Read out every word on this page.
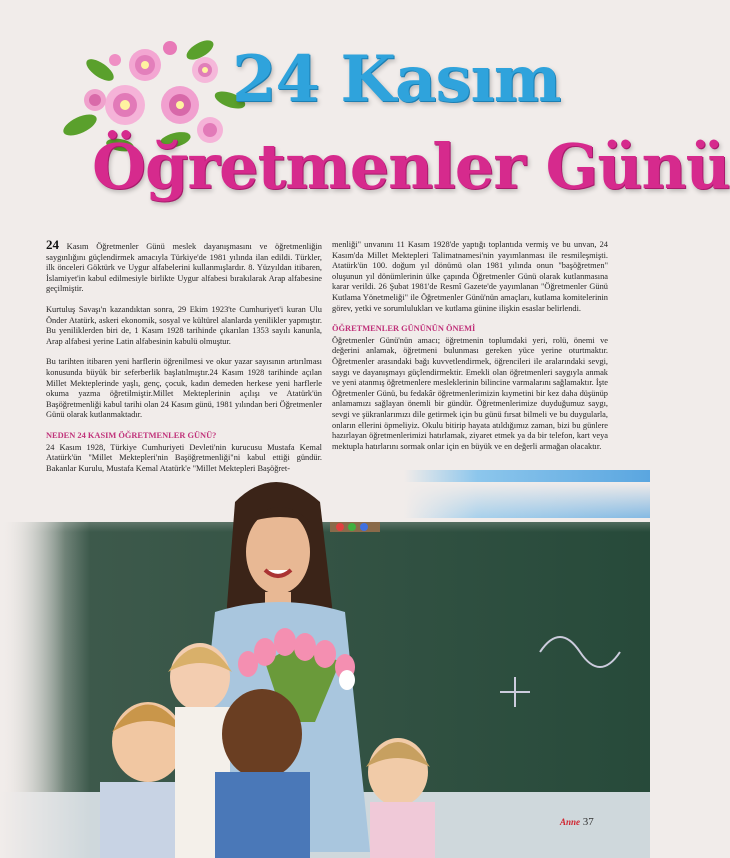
24 Kasım
Öğretmenler Günü

24 Kasım Öğretmenler Günü meslek dayanışmasını ve öğretmenliğin saygınlığını güçlendirmek amacıyla Türkiye'de 1981 yılında ilan edildi. Türkler, ilk önceleri Göktürk ve Uygur alfabelerini kullanmışlardır. 8. Yüzyıldan itibaren, İslamiyet'in kabul edilmesiyle birlikte Uygur alfabesi bırakılarak Arap alfabesine geçilmiştir.

Kurtuluş Savaşı'n kazandıktan sonra, 29 Ekim 1923'te Cumhuriyet'i kuran Ulu Önder Atatürk, askeri ekonomik, sosyal ve kültürel alanlarda yenilikler yapmıştır. Bu yeniliklerden biri de, 1 Kasım 1928 tarihinde çıkarılan 1353 sayılı kanunla, Arap alfabesi yerine Latin alfabesinin kabulü olmuştur.

Bu tarihten itibaren yeni harflerin öğrenilmesi ve okur yazar sayısının artırılması konusunda büyük bir seferberlik başlatılmıştır.24 Kasım 1928 tarihinde açılan Millet Mekteplerinde yaşlı, genç, çocuk, kadın demeden herkese yeni harflerle okuma yazma öğretilmiştir.Millet Mekteplerinin açılışı ve Atatürk'ün Başöğretmenliği kabul tarihi olan 24 Kasım günü, 1981 yılından beri Öğretmenler Günü olarak kutlanmaktadır.

NEDEN 24 KASIM ÖĞRETMENLER GÜNÜ?

24 Kasım 1928, Türkiye Cumhuriyeti Devleti'nin kurucusu Mustafa Kemal Atatürk'ün "Millet Mektepleri'nin Başöğretmenliği"ni kabul ettiği gündür. Bakanlar Kurulu, Mustafa Kemal Atatürk'e "Millet Mektepleri Başöğret-

menliği" unvanını 11 Kasım 1928'de yaptığı toplantıda vermiş ve bu unvan, 24 Kasım'da Millet Mektepleri Talimatnamesi'nin yayımlanması ile resmileşmişti. Atatürk'ün 100. doğum yıl dönümü olan 1981 yılında onun "başöğretmen" oluşunun yıl dönümlerinin ülke çapında Öğretmenler Günü olarak kutlanmasına karar verildi. 26 Şubat 1981'de Resmî Gazete'de yayımlanan "Öğretmenler Günü Kutlama Yönetmeliği" ile Öğretmenler Günü'nün amaçları, kutlama komitelerinin görev, yetki ve sorumlulukları ve kutlama günine ilişkin esaslar belirlendi.

ÖĞRETMENLER GÜNÜNÜN ÖNEMİ

Öğretmenler Günü'nün amacı; öğretmenin toplumdaki yeri, rolü, önemi ve değerini anlamak, öğretmeni bulunması gereken yüce yerine oturtmaktır. Öğretmenler arasındaki bağı kuvvetlendirmek, öğrencileri ile aralarındaki sevgi, saygı ve dayanışmayı güçlendirmektir. Emekli olan öğretmenleri saygıyla anmak ve yeni atanmış öğretmenlere mesleklerinin bilincine varmalarını sağlamaktır. İşte Öğretmenler Günü, bu fedakâr öğretmenlerimizin kıymetini bir kez daha düşünüp anlamamızı sağlayan önemli bir gündür. Öğretmenlerimize duyduğumuz saygı, sevgi ve şükranlarımızı dile getirmek için bu günü fırsat bilmeli ve bu duygularla, onların ellerini öpmeliyiz. Okulu bitirip hayata atıldığımız zaman, bizi bu günlere hazırlayan öğretmenlerimizi hatırlamak, ziyaret etmek ya da bir telefon, kart veya mektupla hatırlarını sormak onlar için en büyük ve en değerli armağan olacaktır.

Anne 37
